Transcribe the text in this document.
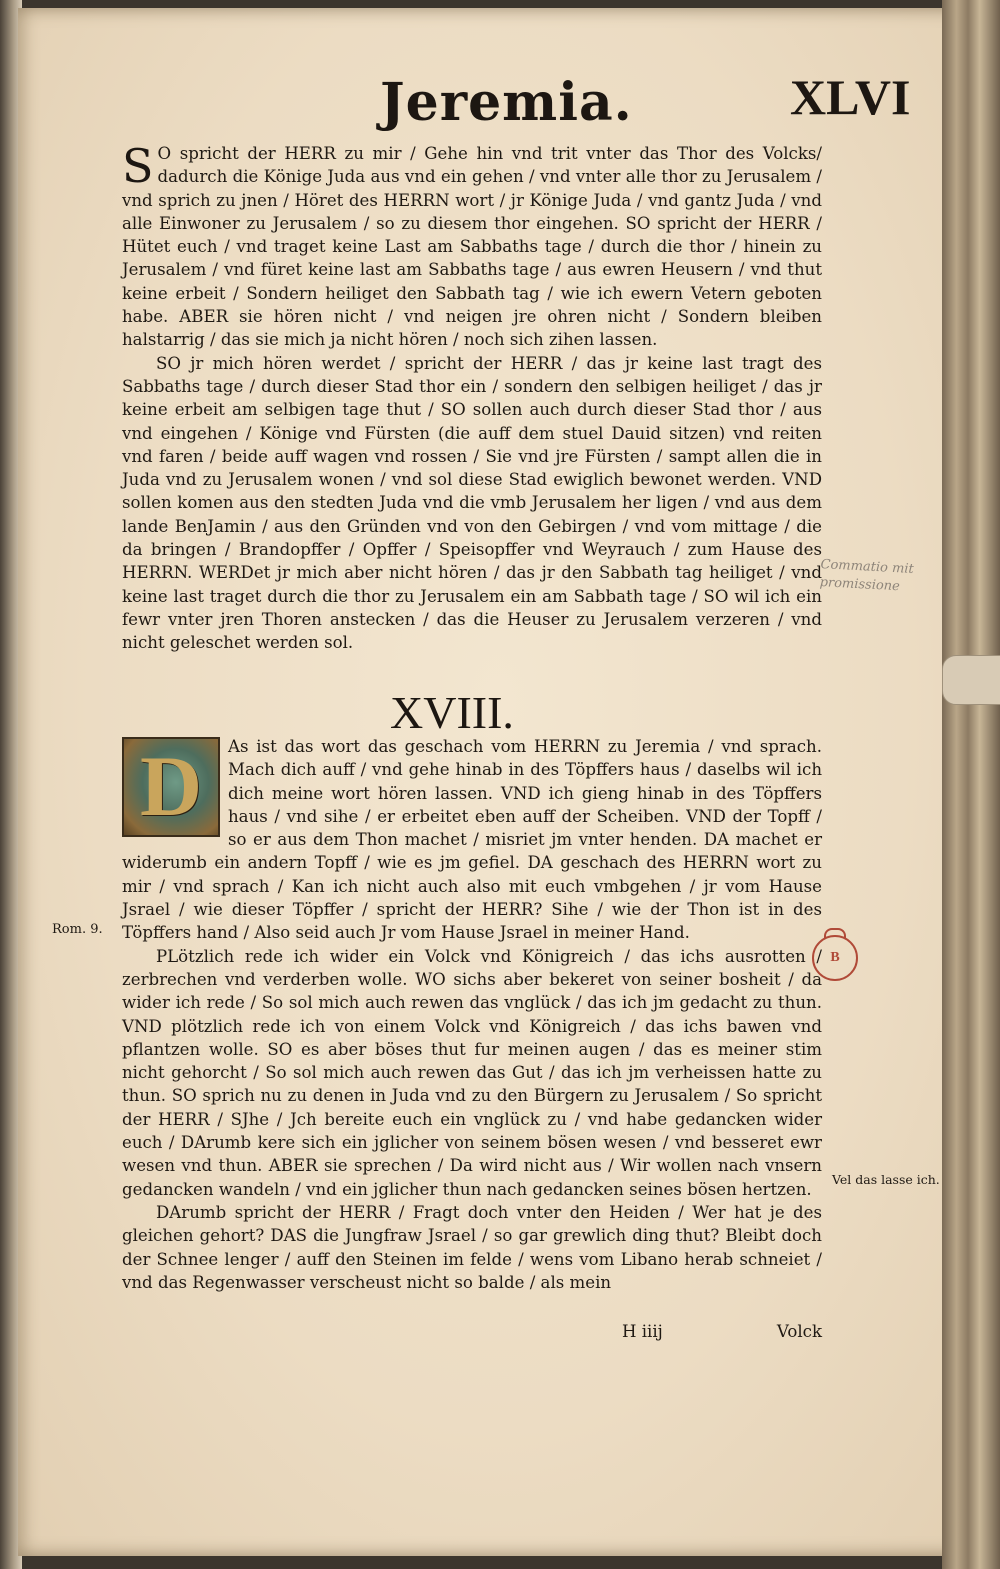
Jeremia.	XLVI

S O spricht der HERR zu mir / Gehe hin vnd trit vnter das Thor des Volcks/ dadurch die Könige Juda aus vnd ein gehen / vnd vnter alle thor zu Jerusalem / vnd sprich zu jnen / Höret des HERRN wort / jr Könige Juda / vnd gantz Juda / vnd alle Einwoner zu Jerusalem / so zu diesem thor eingehen. SO spricht der HERR / Hütet euch / vnd traget keine Last am Sabbaths tage / durch die thor / hinein zu Jerusalem / vnd füret keine last am Sabbaths tage / aus ewren Heusern / vnd thut keine erbeit / Sondern heiliget den Sabbath tag / wie ich ewern Vetern geboten habe. ABER sie hören nicht / vnd neigen jre ohren nicht / Sondern bleiben halstarrig / das sie mich ja nicht hören / noch sich zihen lassen.

SO jr mich hören werdet / spricht der HERR / das jr keine last tragt des Sabbaths tage / durch dieser Stad thor ein / sondern den selbigen heiliget / das jr keine erbeit am selbigen tage thut / SO sollen auch durch dieser Stad thor / aus vnd eingehen / Könige vnd Fürsten (die auff dem stuel Dauid sitzen) vnd reiten vnd faren / beide auff wagen vnd rossen / Sie vnd jre Fürsten / sampt allen die in Juda vnd zu Jerusalem wonen / vnd sol diese Stad ewiglich bewonet werden. VND sollen komen aus den stedten Juda vnd die vmb Jerusalem her ligen / vnd aus dem lande BenJamin / aus den Gründen vnd von den Gebirgen / vnd vom mittage / die da bringen / Brandopffer / Opffer / Speisopffer vnd Weyrauch / zum Hause des HERRN. WERDet jr mich aber nicht hören / das jr den Sabbath tag heiliget / vnd keine last traget durch die thor zu Jerusalem ein am Sabbath tage / SO wil ich ein fewr vnter jren Thoren anstecken / das die Heuser zu Jerusalem verzeren / vnd nicht geleschet werden sol.

XVIII.

D	As ist das wort das geschach vom HERRN zu Jeremia / vnd sprach. Mach dich auff / vnd gehe hinab in des Töpffers haus / daselbs wil ich dich meine wort hören lassen. VND ich gieng hinab in des Töpffers haus / vnd sihe / er erbeitet eben auff der Scheiben. VND der Topff / so er aus dem Thon machet / misriet jm vnter henden. DA machet er widerumb ein andern Topff / wie es jm gefiel. DA geschach des HERRN wort zu mir / vnd sprach / Kan ich nicht auch also mit euch vmbgehen / jr vom Hause Jsrael / wie dieser Töpffer / spricht der HERR? Sihe / wie der Thon ist in des Töpffers hand / Also seid auch Jr vom Hause Jsrael in meiner Hand.

PLötzlich rede ich wider ein Volck vnd Königreich / das ichs ausrotten / zerbrechen vnd verderben wolle. WO sichs aber bekeret von seiner bosheit / da wider ich rede / So sol mich auch rewen das vnglück / das ich jm gedacht zu thun. VND plötzlich rede ich von einem Volck vnd Königreich / das ichs bawen vnd pflantzen wolle. SO es aber böses thut fur meinen augen / das es meiner stim nicht gehorcht / So sol mich auch rewen das Gut / das ich jm verheissen hatte zu thun. SO sprich nu zu denen in Juda vnd zu den Bürgern zu Jerusalem / So spricht der HERR / SJhe / Jch bereite euch ein vnglück zu / vnd habe gedancken wider euch / DArumb kere sich ein jglicher von seinem bösen wesen / vnd besseret ewr wesen vnd thun. ABER sie sprechen / Da wird nicht aus / Wir wollen nach vnsern gedancken wandeln / vnd ein jglicher thun nach gedancken seines bösen hertzen.

DArumb spricht der HERR / Fragt doch vnter den Heiden / Wer hat je des gleichen gehort? DAS die Jungfraw Jsrael / so gar grewlich ding thut? Bleibt doch der Schnee lenger / auff den Steinen im felde / wens vom Libano herab schneiet / vnd das Regenwasser verscheust nicht so balde / als mein

Rom. 9.
Vel das lasse ich.
Commatio mit promissione
B
H iiij	Volck
